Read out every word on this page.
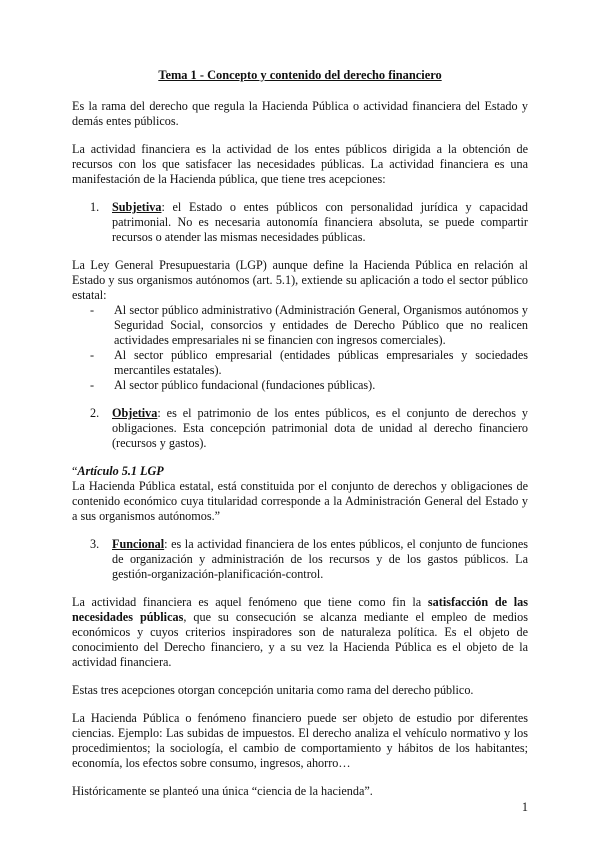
Tema 1 - Concepto y contenido del derecho financiero

Es la rama del derecho que regula la Hacienda Pública o actividad financiera del Estado y demás entes públicos.

La actividad financiera es la actividad de los entes públicos dirigida a la obtención de recursos con los que satisfacer las necesidades públicas. La actividad financiera es una manifestación de la Hacienda pública, que tiene tres acepciones:

1.	Subjetiva: el Estado o entes públicos con personalidad jurídica y capacidad patrimonial. No es necesaria autonomía financiera absoluta, se puede compartir recursos o atender las mismas necesidades públicas.

La Ley General Presupuestaria (LGP) aunque define la Hacienda Pública en relación al Estado y sus organismos autónomos (art. 5.1), extiende su aplicación a todo el sector público estatal:

-	Al sector público administrativo (Administración General, Organismos autónomos y Seguridad Social, consorcios y entidades de Derecho Público que no realicen actividades empresariales ni se financien con ingresos comerciales).
-	Al sector público empresarial (entidades públicas empresariales y sociedades mercantiles estatales).
-	Al sector público fundacional (fundaciones públicas).
2.	Objetiva: es el patrimonio de los entes públicos, es el conjunto de derechos y obligaciones. Esta concepción patrimonial dota de unidad al derecho financiero (recursos y gastos).
“Artículo 5.1 LGP
La Hacienda Pública estatal, está constituida por el conjunto de derechos y obligaciones de contenido económico cuya titularidad corresponde a la Administración General del Estado y a sus organismos autónomos.”
3.	Funcional: es la actividad financiera de los entes públicos, el conjunto de funciones de organización y administración de los recursos y de los gastos públicos. La gestión-organización-planificación-control.

La actividad financiera es aquel fenómeno que tiene como fin la satisfacción de las necesidades públicas, que su consecución se alcanza mediante el empleo de medios económicos y cuyos criterios inspiradores son de naturaleza política. Es el objeto de conocimiento del Derecho financiero, y a su vez la Hacienda Pública es el objeto de la actividad financiera.

Estas tres acepciones otorgan concepción unitaria como rama del derecho público.

La Hacienda Pública o fenómeno financiero puede ser objeto de estudio por diferentes ciencias. Ejemplo: Las subidas de impuestos. El derecho analiza el vehículo normativo y los procedimientos; la sociología, el cambio de comportamiento y hábitos de los habitantes; economía, los efectos sobre consumo, ingresos, ahorro…

Históricamente se planteó una única “ciencia de la hacienda”.

1
